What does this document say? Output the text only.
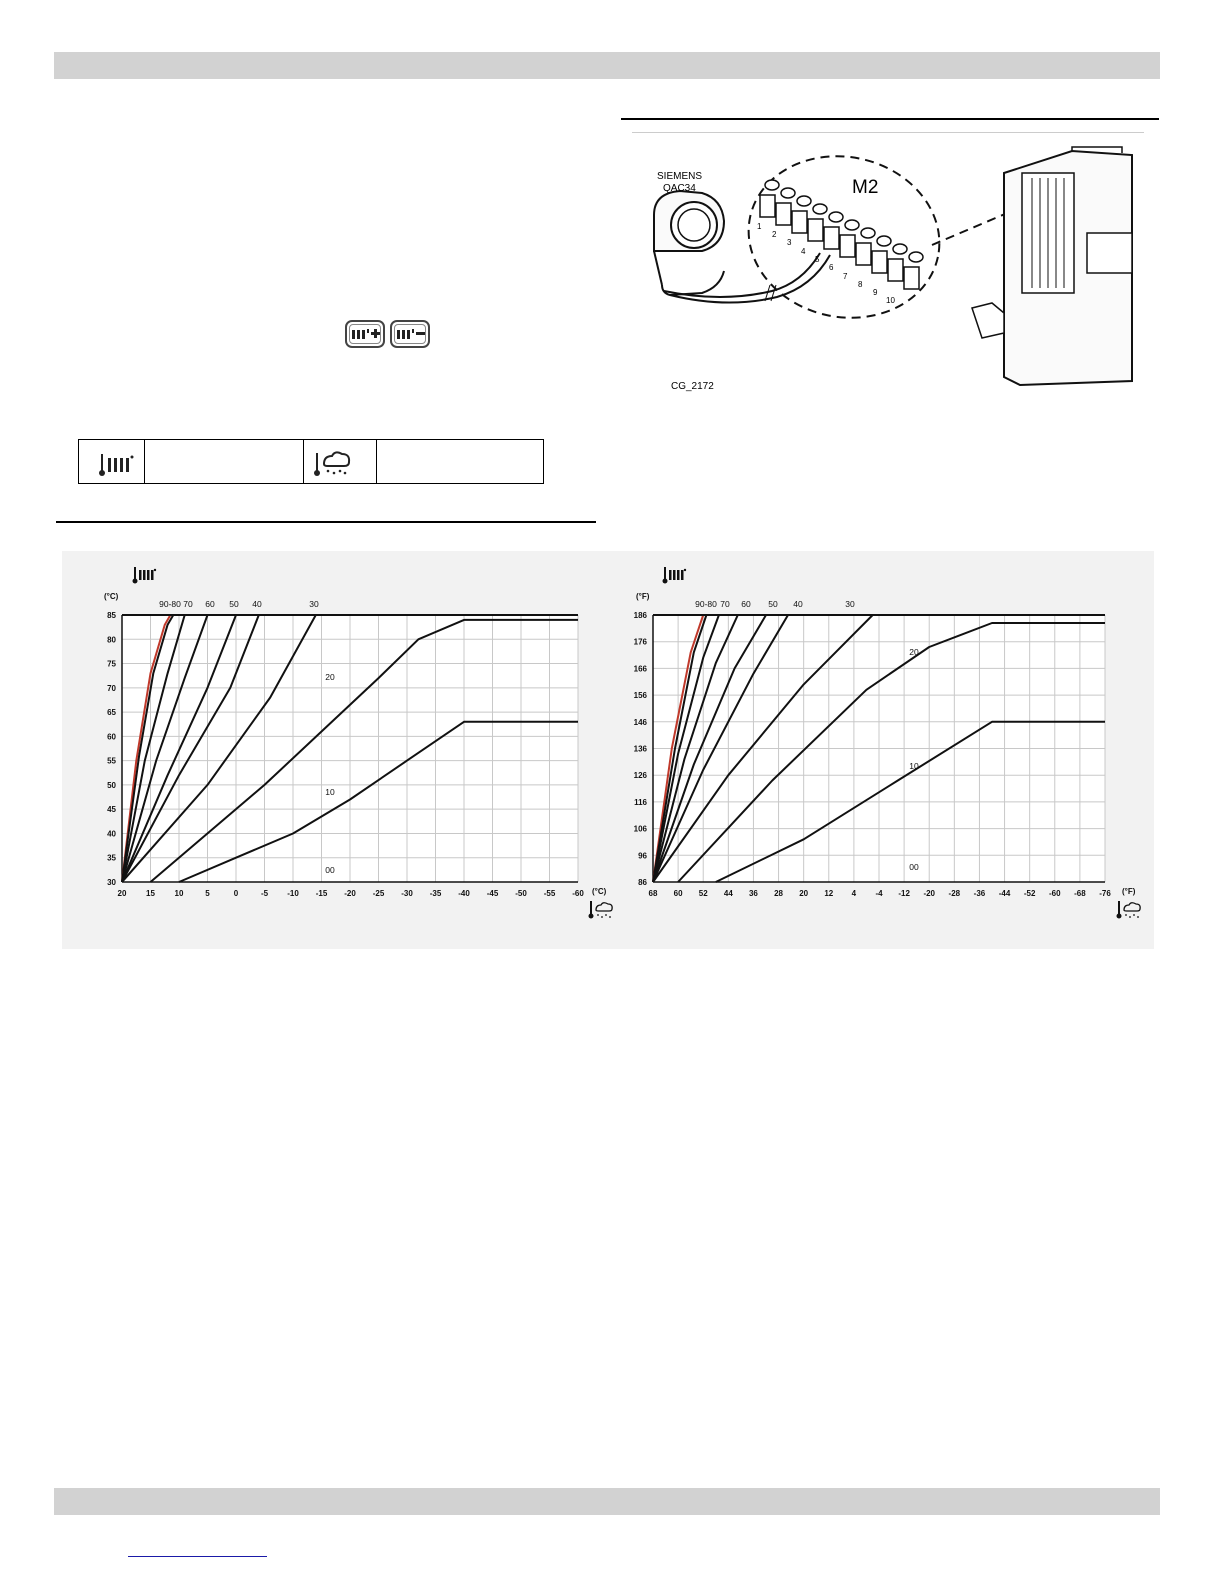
SIEMENS
QAC34	M2
1
2
3
4
5
6
7
8
9
10
CG_2172
20 15 10	5	0	-5 -10 -15 -20 -25 -30 -35 -40 -45 -50 -55 -60
30
35
40
45
50
55
60
65
70
75
80
85
90-80 70 60 50 40	30
20
10
00
(°C)
(°C)	68 60 52 44 36 28 20 12 4 -4 -12 -20 -28 -36 -44 -52 -60 -68 -76
86
96
106
116
126
136
146
156
166
176
186
90-80 70 60 50 40	30
20
10
00
(°F)
(°F)
